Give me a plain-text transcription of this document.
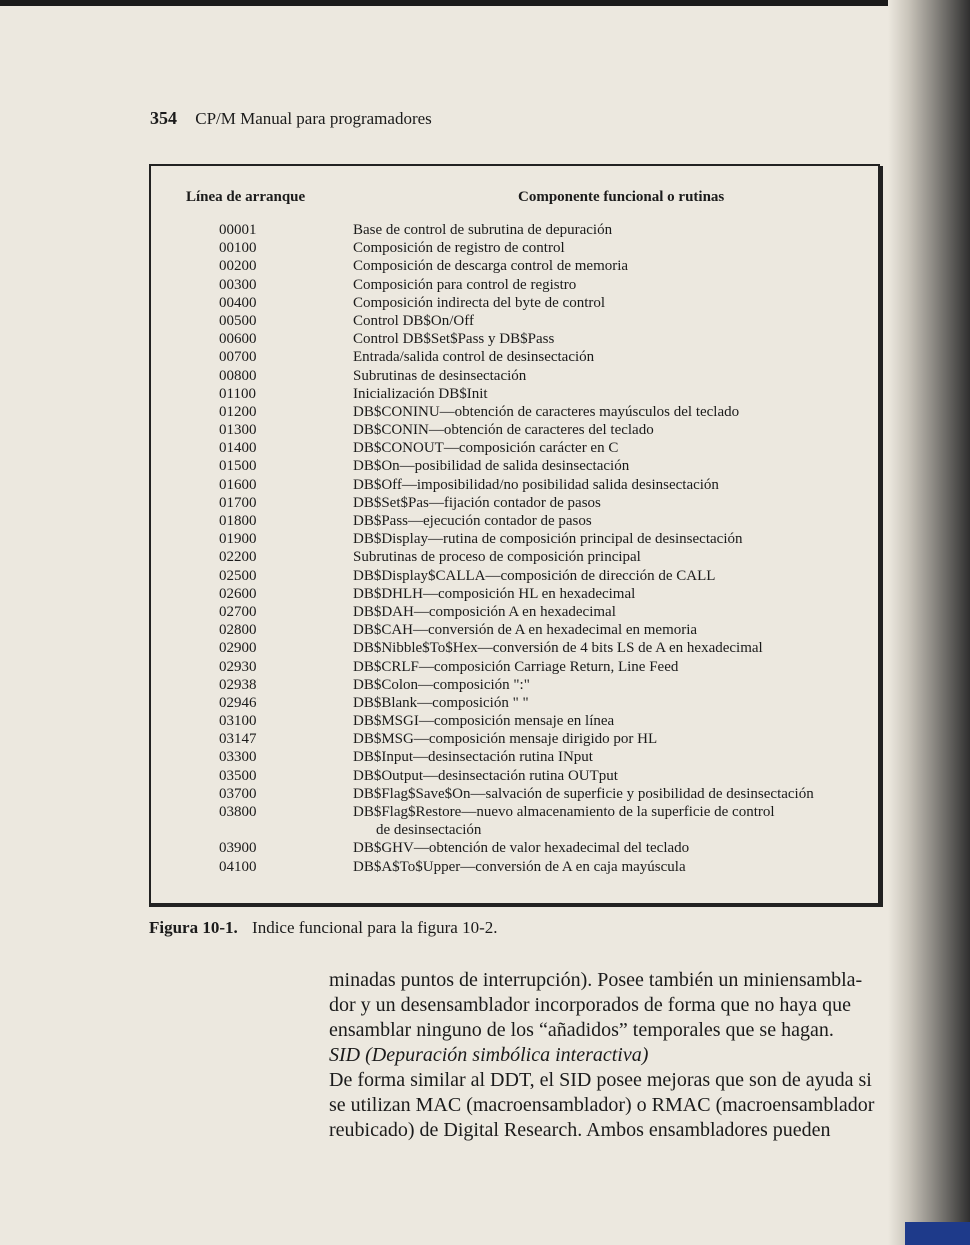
354 CP/M Manual para programadores
Línea de arranque	Componente funcional o rutinas
00001	Base de control de subrutina de depuración
00100	Composición de registro de control
00200	Composición de descarga control de memoria
00300	Composición para control de registro
00400	Composición indirecta del byte de control
00500	Control DB$On/Off
00600	Control DB$Set$Pass y DB$Pass
00700	Entrada/salida control de desinsectación
00800	Subrutinas de desinsectación
01100	Inicialización DB$Init
01200	DB$CONINU—obtención de caracteres mayúsculos del teclado
01300	DB$CONIN—obtención de caracteres del teclado
01400	DB$CONOUT—composición carácter en C
01500	DB$On—posibilidad de salida desinsectación
01600	DB$Off—imposibilidad/no posibilidad salida desinsectación
01700	DB$Set$Pas—fijación contador de pasos
01800	DB$Pass—ejecución contador de pasos
01900	DB$Display—rutina de composición principal de desinsectación
02200	Subrutinas de proceso de composición principal
02500	DB$Display$CALLA—composición de dirección de CALL
02600	DB$DHLH—composición HL en hexadecimal
02700	DB$DAH—composición A en hexadecimal
02800	DB$CAH—conversión de A en hexadecimal en memoria
02900	DB$Nibble$To$Hex—conversión de 4 bits LS de A en hexadecimal
02930	DB$CRLF—composición Carriage Return, Line Feed
02938	DB$Colon—composición ":"
02946	DB$Blank—composición " "
03100	DB$MSGI—composición mensaje en línea
03147	DB$MSG—composición mensaje dirigido por HL
03300	DB$Input—desinsectación rutina INput
03500	DB$Output—desinsectación rutina OUTput
03700	DB$Flag$Save$On—salvación de superficie y posibilidad de desinsectación
03800	DB$Flag$Restore—nuevo almacenamiento de la superficie de control
de desinsectación
03900	DB$GHV—obtención de valor hexadecimal del teclado
04100	DB$A$To$Upper—conversión de A en caja mayúscula
Figura 10-1. Indice funcional para la figura 10-2.

minadas puntos de interrupción). Posee también un miniensambla-
dor y un desensamblador incorporados de forma que no haya que
ensamblar ninguno de los “añadidos” temporales que se hagan.

SID (Depuración simbólica interactiva)

De forma similar al DDT, el SID posee mejoras que son de ayuda si
se utilizan MAC (macroensamblador) o RMAC (macroensamblador
reubicado) de Digital Research. Ambos ensambladores pueden
